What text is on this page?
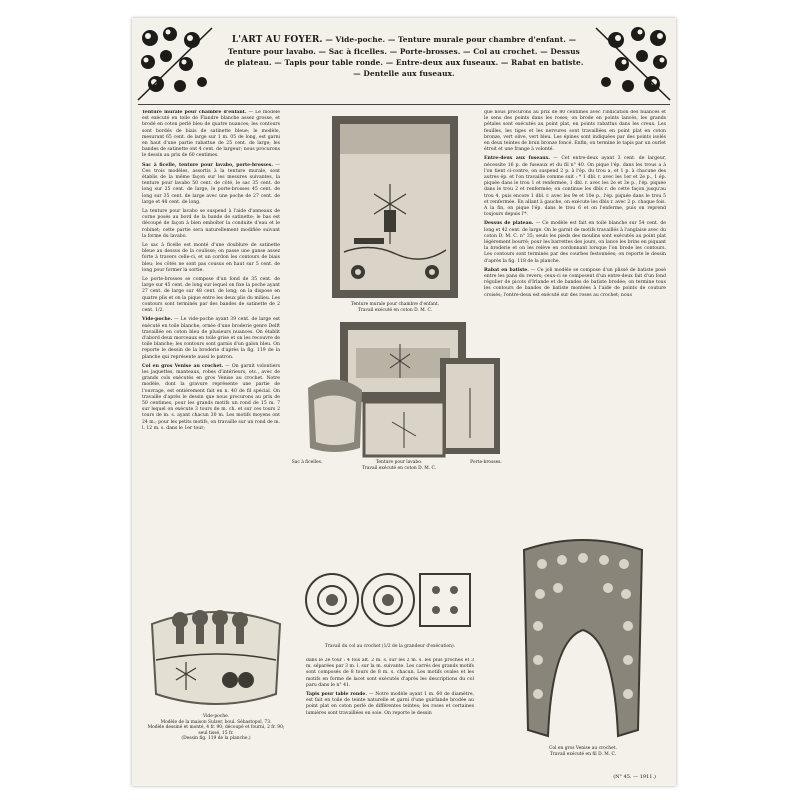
L'ART AU FOYER. — Vide-poche. — Tenture murale pour chambre d'enfant. —
Tenture pour lavabo. — Sac à ficelles. — Porte-brosses. — Col au crochet. — Dessus
de plateau. — Tapis pour table ronde. — Entre-deux aux fuseaux. — Rabat en batiste.
— Dentelle aux fuseaux.

Tenture murale pour chambre d'enfant. — Le modèle est exécuté en toile de Flandre blanche assez grosse, et brodé en coton perlé bleu de quatre nuances; les contours sont bordés de biais de satinette bleue; le modèle, mesurant 65 cent. de large sur 1 m. 05 de long, est garni en haut d'une partie rabattue de 25 cent. de large; les bandes de satinette ont 4 cent. de largeur; nous procurons le dessin au prix de 60 centimes.

Sac à ficelle, tenture pour lavabo, porte-brosses. — Ces trois modèles, assortis à la tenture murale, sont établis de la même façon sur les mesures suivantes, la tenture pour lavabo 50 cent. de côté, le sac 35 cent. de long sur 25 cent. de large, le porte-brosses 45 cent. de long sur 35 cent. de large avec une poche de 27 cent. de large et 48 cent. de long.

La tenture pour lavabo se suspend à l'aide d'anneaux de corne posés au bord de la bande de satinette; le bas est découpé de façon à bien emboîter la conduite d'eau et le robinet; cette partie sera naturellement modifiée suivant la forme du lavabo.

Le sac à ficelle est monté d'une doublure de satinette bleue au dessus de la coulisse; on passe une ganse assez forte à travers celle-ci, et un cordon les contours de biais bleu; les côtés ne sont pas cousus en haut sur 5 cent. de long pour former la sortie.

Le porte-brosses se compose d'un fond de 35 cent. de large sur 45 cent. de long sur lequel on fixe la poche ayant 27 cent. de large sur 48 cent. de long; on la dispose en quatre plis et on la pique entre les deux plis du milieu. Les contours sont terminés par des bandes de satinette de 2 cent. 1/2.

Vide-poche. — Le vide-poche ayant 39 cent. de large est exécuté en toile blanche, ornée d'une broderie genre Delft travaillée en coton bleu de plusieurs nuances. On établit d'abord deux morceaux en toile grise et on les recouvre de toile blanche; les contours sont garnis d'un galon bleu. On reporte le dessin de la broderie d'après la fig. 119 de la planche qui représente aussi le patron.

Col en gros Venise au crochet. — On garnit volontiers les jaquettes, manteaux, robes d'intérieurs, etc., avec de grands cols exécutés en gros Venise au crochet. Notre modèle, dont la gravure représente une partie de l'ouvrage, est entièrement fait en n. 40 de fil spécial. On travaille d'après le dessin que nous procurons au prix de 50 centimes, pour les grands motifs un rond de 15 m. 7 sur lequel on exécute 3 tours de m. ch. et sur ces tours 2 tours de m. s. ayant chacun 30 m. Les motifs moyens ont 24 m.; pour les petits motifs, on travaille sur un rond de m. l. 12 m. s. dans le 1er tour;

Tenture murale pour chambre d'enfant.
Travail exécuté en coton D. M. C.
Sac à ficelles.	Tenture pour lavabo.
Travail exécuté en coton D. M. C.
Porte-brosses.
Vide-poche.
Modèle de la maison Sulzer, boul. Sébastopol, 73.
Modèle dessiné et monté, 4 fr. 90; découpé et fourni, 2 fr. 90;
seul tissé, 15 fr.
(Dessin fig. 119 de la planche.)
Travail du col au crochet (1/2 de la grandeur d'exécution).

dans le 2e tour : 4 fois alt. 2 m. s. sur les 2 m. s. les plus proches et 3 m. séparées par 3 m. l. sur la m. suivante. Les carrés des grands motifs sont composés de 8 tours de 8 m. s. chacun. Les motifs ovales et les motifs en forme de lacet sont exécutés d'après les descriptions du col paru dans le n° 41.

Tapis pour table ronde. — Notre modèle ayant 1 m. 60 de diamètre, est fait en toile de teinte naturelle et garni d'une guirlande brodée au point plat en coton perlé de différentes teintes; les roses et certaines lumières sont travaillées en soie. On reporte le dessin

que nous procurons au prix de 80 centimes avec l'indication des nuances et le sens des points dans les roses; on brode en points lancés, les grands pétales sont exécutés au point plat, en points rabattus dans les creux. Les feuilles, les tiges et les nervures sont travaillées en point plat en coton bronze, vert olive, vert bleu. Les épines sont indiquées par des points isolés en deux teintes de brun bronze foncé. Enfin, on termine le tapis par un ourlet étroit et une frange à volonté.

Entre-deux aux fuseaux. — Cet entre-deux ayant 3 cent. de largeur, nécessite 16 p. de fuseaux et du fil n° 40. On pique l'ép. dans les trous a à l'on tient ci-contre, on suspend 2 p. à l'ép. du trou a, et 1 p. à chacune des autres ép. et l'on travaille comme suit : * 1 dbl. r. avec les 1er et 2e p., 1 ép. piquée dans le trou 1 et renfermée, 1 dbl. r. avec les 2e et 3e p., l'ép. piquée dans le trou 2 et renfermée; on continue les dbls r. de cette façon jusqu'au trou 4, puis encore 1 dbl. r. avec les 9e et 10e p., l'ép. piquée dans le trou 5 et renfermée. En allant à gauche, on exécute les dbls r. avec 2 p. chaque fois. A la fin, on pique l'ép. dans le trou 6 et on l'enferme, puis on reprend toujours depuis l'*.

Dessus de plateau. — Ce modèle est fait en toile blanche sur 54 cent. de long et 42 cent. de large. On le garnit de motifs travaillés à l'anglaise avec du coton D. M. C. n° 35; seuls les pieds des moulins sont exécutés au point plat légèrement bourré; pour les barrettes des jours, on lance les brins en piquant la broderie et on les relève en cordonnant lorsque l'on brode les contours. Les contours sont terminés par des courbes festonnées; on reporte le dessin d'après la fig. 118 de la planche.

Rabat en batiste. — Ce joli modèle se compose d'un plissé de batiste posé entre les pans du revers; ceux-ci se composent d'un entre-deux fait d'un fond régulier de picots d'Irlande et de bandes de batiste brodée; on termine tous les contours de bandes de batiste montées à l'aide de points de couture croisés; l'entre-deux est exécuté sur des roses au crochet; nous

Col en gros Venise au crochet.
Travail exécuté en fil D. M. C.
(N° 45. — 1911.)
